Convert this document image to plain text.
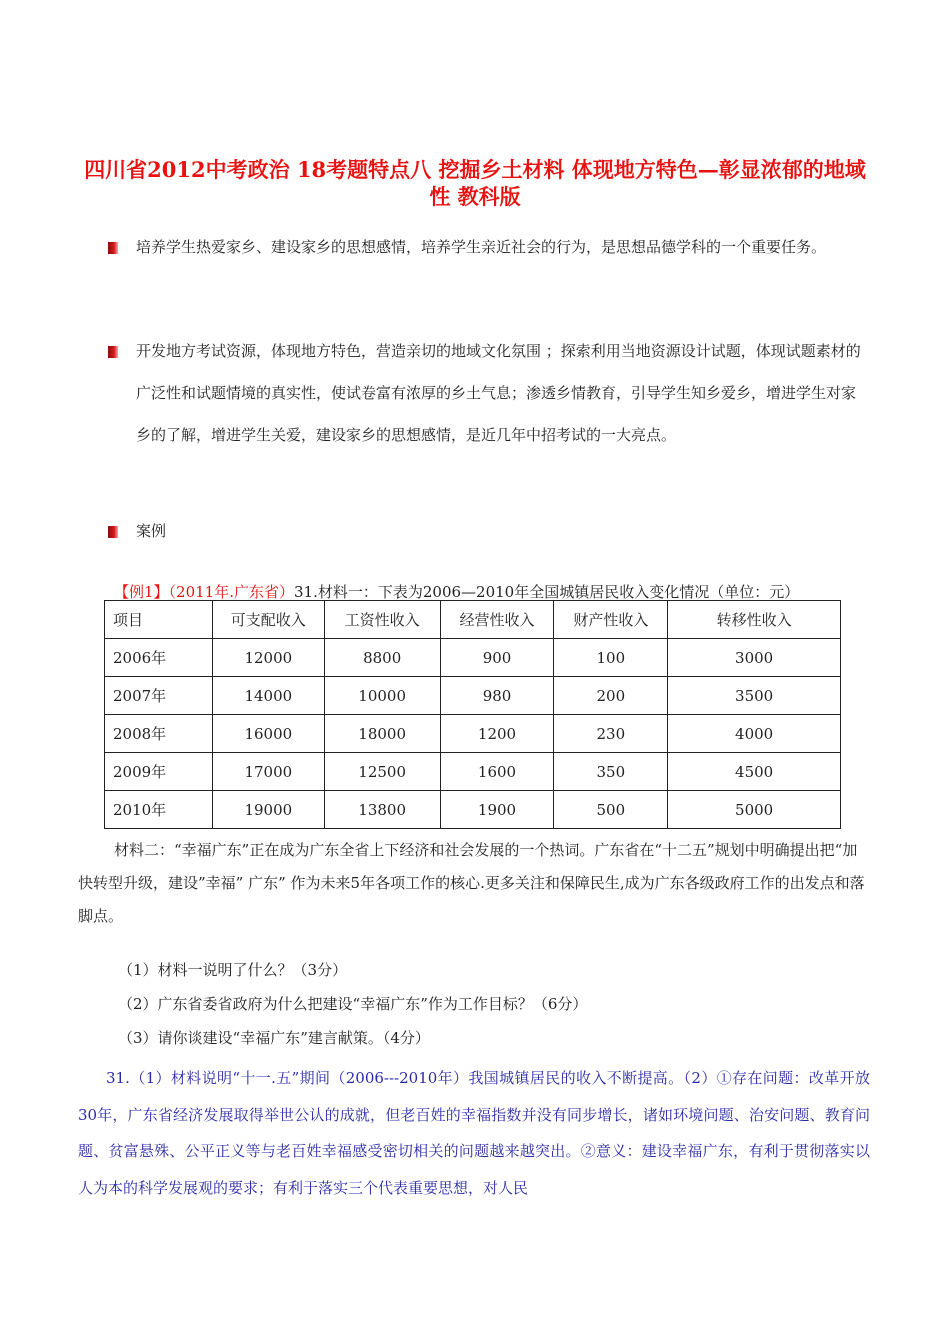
四川省2012中考政治 18考题特点八 挖掘乡土材料 体现地方特色—彰显浓郁的地域性 教科版
培养学生热爱家乡、建设家乡的思想感情，培养学生亲近社会的行为，是思想品德学科的一个重要任务。
开发地方考试资源，体现地方特色，营造亲切的地域文化氛围 ；探索利用当地资源设计试题，体现试题素材的广泛性和试题情境的真实性，使试卷富有浓厚的乡土气息；渗透乡情教育，引导学生知乡爱乡，增进学生对家乡的了解，增进学生关爱，建设家乡的思想感情，是近几年中招考试的一大亮点。
案例
【例1】（2011年.广东省）31.材料一：下表为2006—2010年全国城镇居民收入变化情况（单位：元）
项目	可支配收入	工资性收入	经营性收入	财产性收入	转移性收入
2006年	12000	8800	900	100	3000
2007年	14000	10000	980	200	3500
2008年	16000	18000	1200	230	4000
2009年	17000	12500	1600	350	4500
2010年	19000	13800	1900	500	5000
材料二：“幸福广东”正在成为广东全省上下经济和社会发展的一个热词。广东省在“十二五”规划中明确提出把“加快转型升级，建设”幸福” 广东” 作为未来5年各项工作的核心.更多关注和保障民生,成为广东各级政府工作的出发点和落脚点。
（1）材料一说明了什么？（3分）
（2）广东省委省政府为什么把建设“幸福广东”作为工作目标？（6分）
（3）请你谈建设“幸福广东”建言献策。（4分）
31.（1）材料说明“十一.五”期间（2006---2010年）我国城镇居民的收入不断提高。（2）①存在问题：改革开放30年，广东省经济发展取得举世公认的成就，但老百姓的幸福指数并没有同步增长，诸如环境问题、治安问题、教育问题、贫富悬殊、公平正义等与老百姓幸福感受密切相关的问题越来越突出。②意义：建设幸福广东，有利于贯彻落实以人为本的科学发展观的要求；有利于落实三个代表重要思想，对人民
